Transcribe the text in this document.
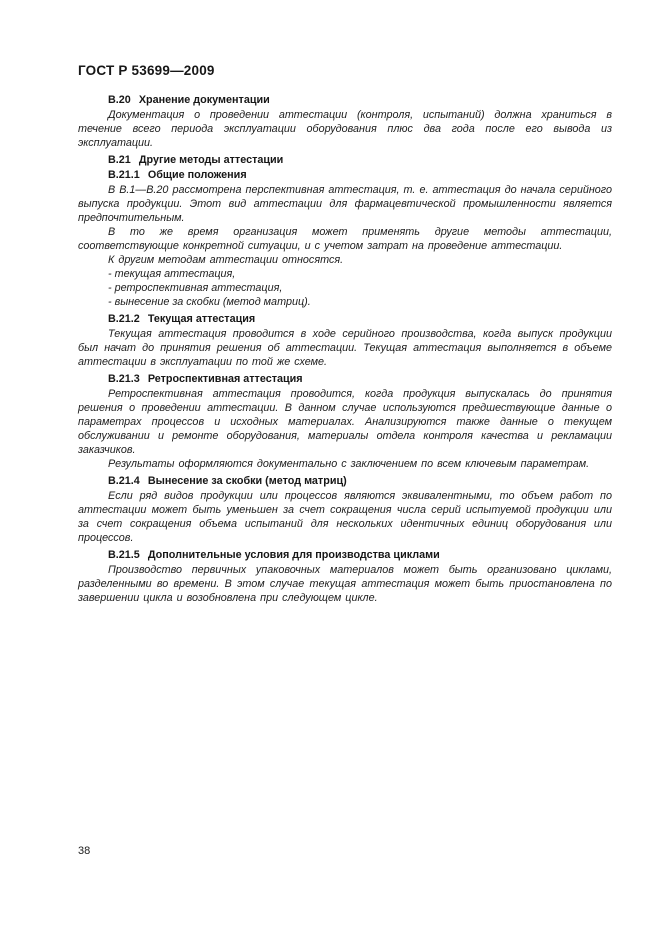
ГОСТ Р 53699—2009

В.20 Хранение документации

Документация о проведении аттестации (контроля, испытаний) должна храниться в течение всего периода эксплуатации оборудования плюс два года после его вывода из эксплуатации.

В.21 Другие методы аттестации

В.21.1 Общие положения

В В.1—В.20 рассмотрена перспективная аттестация, т. е. аттестация до начала серийного выпуска продукции. Этот вид аттестации для фармацевтической промышленности является предпочтительным.

В то же время организация может применять другие методы аттестации, соответствующие конкретной ситуации, и с учетом затрат на проведение аттестации.

К другим методам аттестации относятся.

- текущая аттестация,

- ретроспективная аттестация,

- вынесение за скобки (метод матриц).

В.21.2 Текущая аттестация

Текущая аттестация проводится в ходе серийного производства, когда выпуск продукции был начат до принятия решения об аттестации. Текущая аттестация выполняется в объеме аттестации в эксплуатации по той же схеме.

В.21.3 Ретроспективная аттестация

Ретроспективная аттестация проводится, когда продукция выпускалась до принятия решения о проведении аттестации. В данном случае используются предшествующие данные о параметрах процессов и исходных материалах. Анализируются также данные о текущем обслуживании и ремонте оборудования, материалы отдела контроля качества и рекламации заказчиков.

Результаты оформляются документально с заключением по всем ключевым параметрам.

В.21.4 Вынесение за скобки (метод матриц)

Если ряд видов продукции или процессов являются эквивалентными, то объем работ по аттестации может быть уменьшен за счет сокращения числа серий испытуемой продукции или за счет сокращения объема испытаний для нескольких идентичных единиц оборудования или процессов.

В.21.5 Дополнительные условия для производства циклами

Производство первичных упаковочных материалов может быть организовано циклами, разделенными во времени. В этом случае текущая аттестация может быть приостановлена по завершении цикла и возобновлена при следующем цикле.

38
